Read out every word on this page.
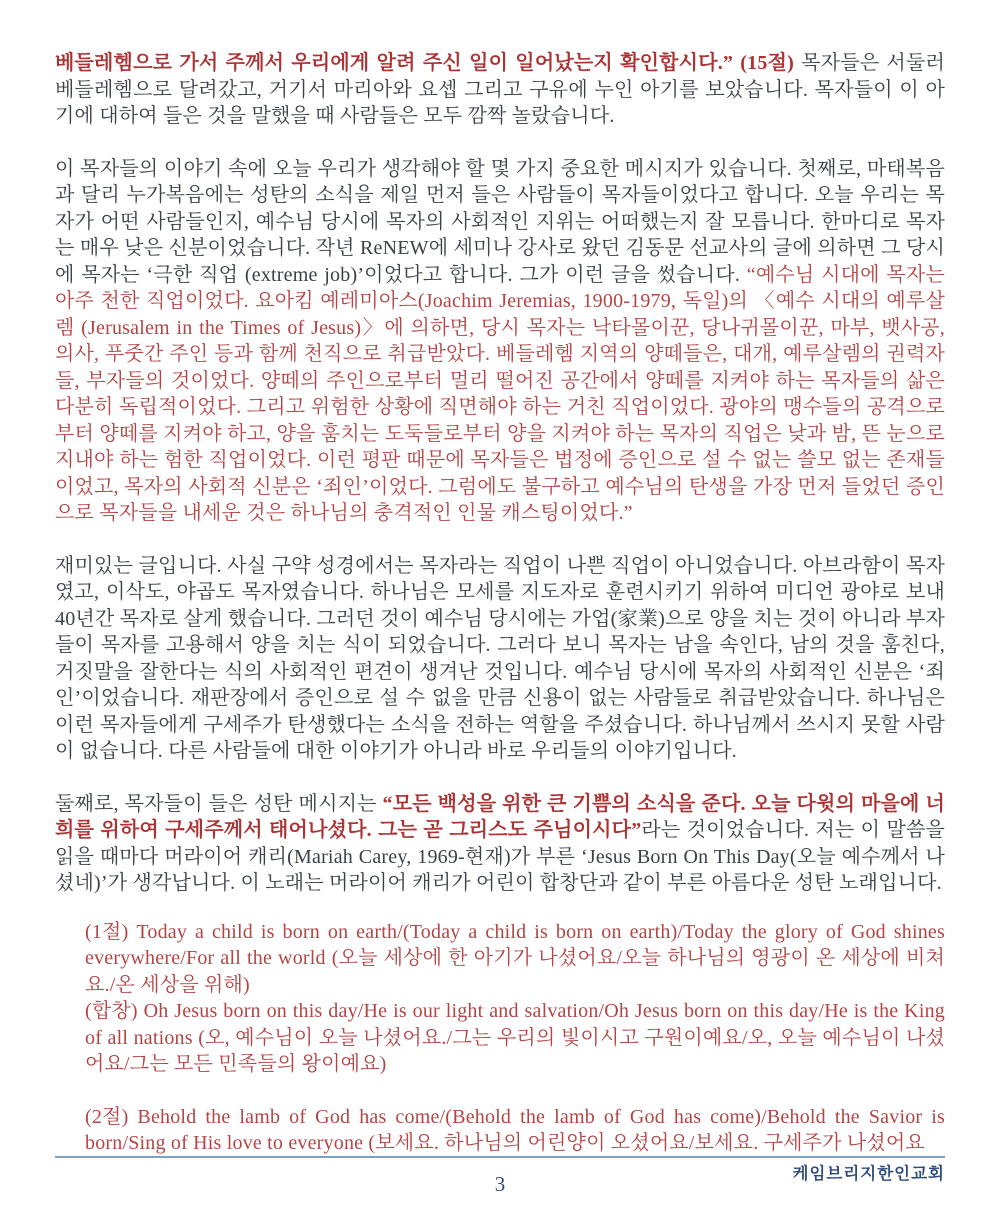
베들레헴으로 가서 주께서 우리에게 알려 주신 일이 일어났는지 확인합시다.” (15절) 목자들은 서둘러 베들레헴으로 달려갔고, 거기서 마리아와 요셉 그리고 구유에 누인 아기를 보았습니다. 목자들이 이 아기에 대하여 들은 것을 말했을 때 사람들은 모두 깜짝 놀랐습니다.

이 목자들의 이야기 속에 오늘 우리가 생각해야 할 몇 가지 중요한 메시지가 있습니다. 첫째로, 마태복음과 달리 누가복음에는 성탄의 소식을 제일 먼저 들은 사람들이 목자들이었다고 합니다. 오늘 우리는 목자가 어떤 사람들인지, 예수님 당시에 목자의 사회적인 지위는 어떠했는지 잘 모릅니다. 한마디로 목자는 매우 낮은 신분이었습니다. 작년 ReNEW에 세미나 강사로 왔던 김동문 선교사의 글에 의하면 그 당시에 목자는 ‘극한 직업 (extreme job)’이었다고 합니다. 그가 이런 글을 썼습니다. “예수님 시대에 목자는 아주 천한 직업이었다. 요아킴 예레미아스(Joachim Jeremias, 1900-1979, 독일)의 〈예수 시대의 예루살렘 (Jerusalem in the Times of Jesus)〉에 의하면, 당시 목자는 낙타몰이꾼, 당나귀몰이꾼, 마부, 뱃사공, 의사, 푸줏간 주인 등과 함께 천직으로 취급받았다. 베들레헴 지역의 양떼들은, 대개, 예루살렘의 권력자들, 부자들의 것이었다. 양떼의 주인으로부터 멀리 떨어진 공간에서 양떼를 지켜야 하는 목자들의 삶은 다분히 독립적이었다. 그리고 위험한 상황에 직면해야 하는 거친 직업이었다. 광야의 맹수들의 공격으로부터 양떼를 지켜야 하고, 양을 훔치는 도둑들로부터 양을 지켜야 하는 목자의 직업은 낮과 밤, 뜬 눈으로 지내야 하는 험한 직업이었다. 이런 평판 때문에 목자들은 법정에 증인으로 설 수 없는 쓸모 없는 존재들이었고, 목자의 사회적 신분은 ‘죄인’이었다. 그럼에도 불구하고 예수님의 탄생을 가장 먼저 들었던 증인으로 목자들을 내세운 것은 하나님의 충격적인 인물 캐스팅이었다.”

재미있는 글입니다. 사실 구약 성경에서는 목자라는 직업이 나쁜 직업이 아니었습니다. 아브라함이 목자였고, 이삭도, 야곱도 목자였습니다. 하나님은 모세를 지도자로 훈련시키기 위하여 미디언 광야로 보내 40년간 목자로 살게 했습니다. 그러던 것이 예수님 당시에는 가업(家業)으로 양을 치는 것이 아니라 부자들이 목자를 고용해서 양을 치는 식이 되었습니다. 그러다 보니 목자는 남을 속인다, 남의 것을 훔친다, 거짓말을 잘한다는 식의 사회적인 편견이 생겨난 것입니다. 예수님 당시에 목자의 사회적인 신분은 ‘죄인’이었습니다. 재판장에서 증인으로 설 수 없을 만큼 신용이 없는 사람들로 취급받았습니다. 하나님은 이런 목자들에게 구세주가 탄생했다는 소식을 전하는 역할을 주셨습니다. 하나님께서 쓰시지 못할 사람이 없습니다. 다른 사람들에 대한 이야기가 아니라 바로 우리들의 이야기입니다.

둘째로, 목자들이 들은 성탄 메시지는 “모든 백성을 위한 큰 기쁨의 소식을 준다. 오늘 다윗의 마을에 너희를 위하여 구세주께서 태어나셨다. 그는 곧 그리스도 주님이시다”라는 것이었습니다. 저는 이 말씀을 읽을 때마다 머라이어 캐리(Mariah Carey, 1969-현재)가 부른 ‘Jesus Born On This Day(오늘 예수께서 나셨네)’가 생각납니다. 이 노래는 머라이어 캐리가 어린이 합창단과 같이 부른 아름다운 성탄 노래입니다.

(1절) Today a child is born on earth/(Today a child is born on earth)/Today the glory of God shines everywhere/For all the world (오늘 세상에 한 아기가 나셨어요/오늘 하나님의 영광이 온 세상에 비쳐요./온 세상을 위해)

(합창) Oh Jesus born on this day/He is our light and salvation/Oh Jesus born on this day/He is the King of all nations (오, 예수님이 오늘 나셨어요./그는 우리의 빛이시고 구원이예요/오, 오늘 예수님이 나셨어요/그는 모든 민족들의 왕이예요)

(2절) Behold the lamb of God has come/(Behold the lamb of God has come)/Behold the Savior is born/Sing of His love to everyone (보세요. 하나님의 어린양이 오셨어요/보세요. 구세주가 나셨어요

케임브리지한인교회
3
